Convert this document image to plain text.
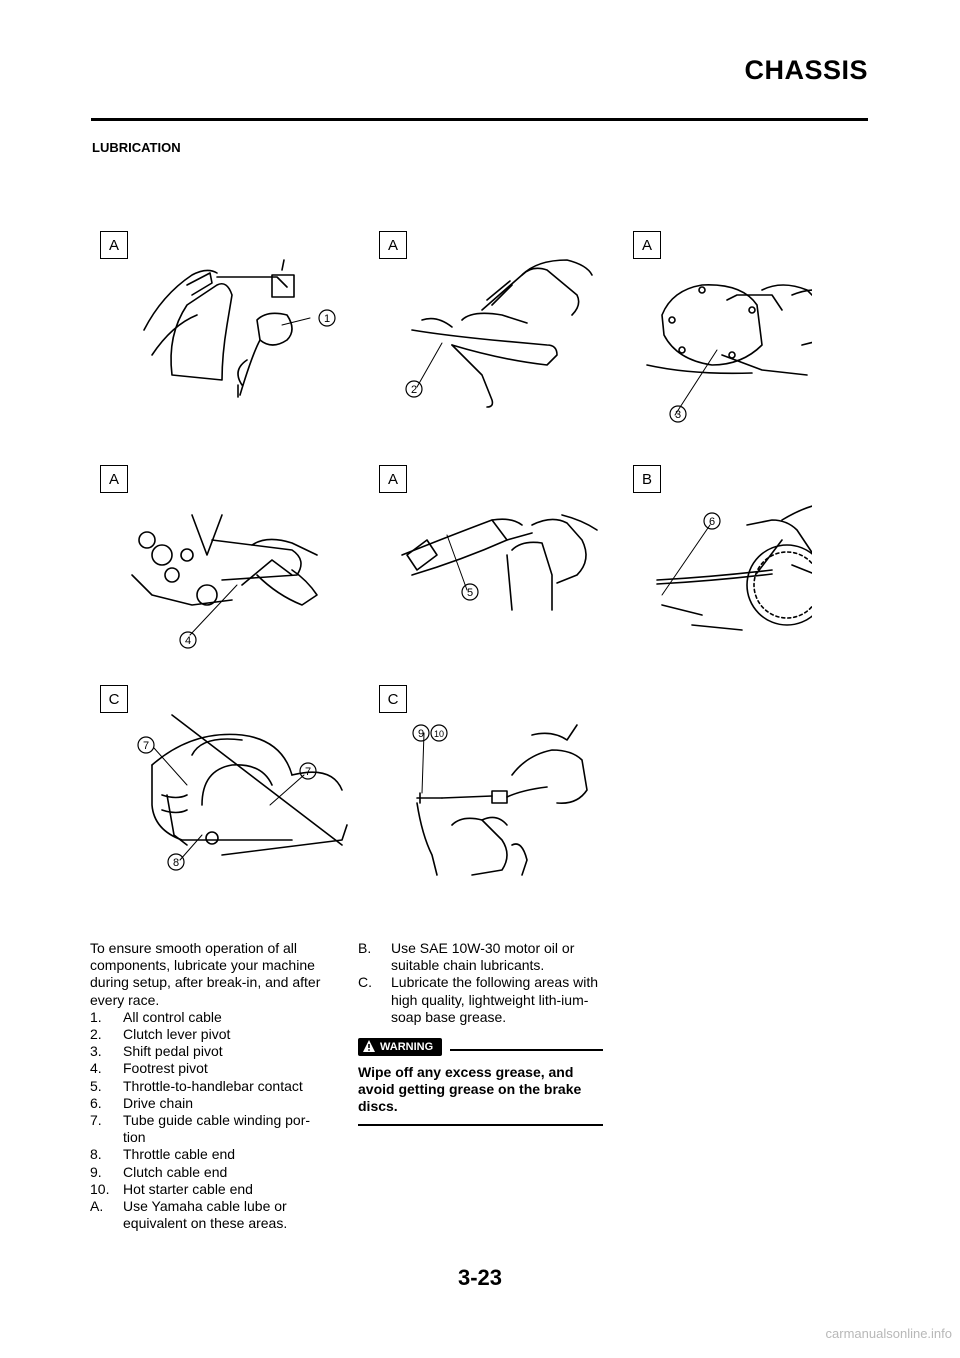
CHASSIS
LUBRICATION
1
2
3
4
5
6
7
7
8
9 10
A	A	A
A	A	B
C	C

To ensure smooth operation of all components, lubricate your machine during setup, after break-in, and after every race.

1.	All control cable
2.	Clutch lever pivot
3.	Shift pedal pivot
4.	Footrest pivot
5.	Throttle-to-handlebar contact
6.	Drive chain
7.	Tube guide cable winding por-tion
8.	Throttle cable end
9.	Clutch cable end
10. Hot starter cable end
A.	Use Yamaha cable lube or equivalent on these areas.
B.	Use SAE 10W-30 motor oil or suitable chain lubricants.
C.	Lubricate the following areas with high quality, lightweight lith-ium-soap base grease.
WARNING
Wipe off any excess grease, and avoid getting grease on the brake discs.
3-23
carmanualsonline.info
